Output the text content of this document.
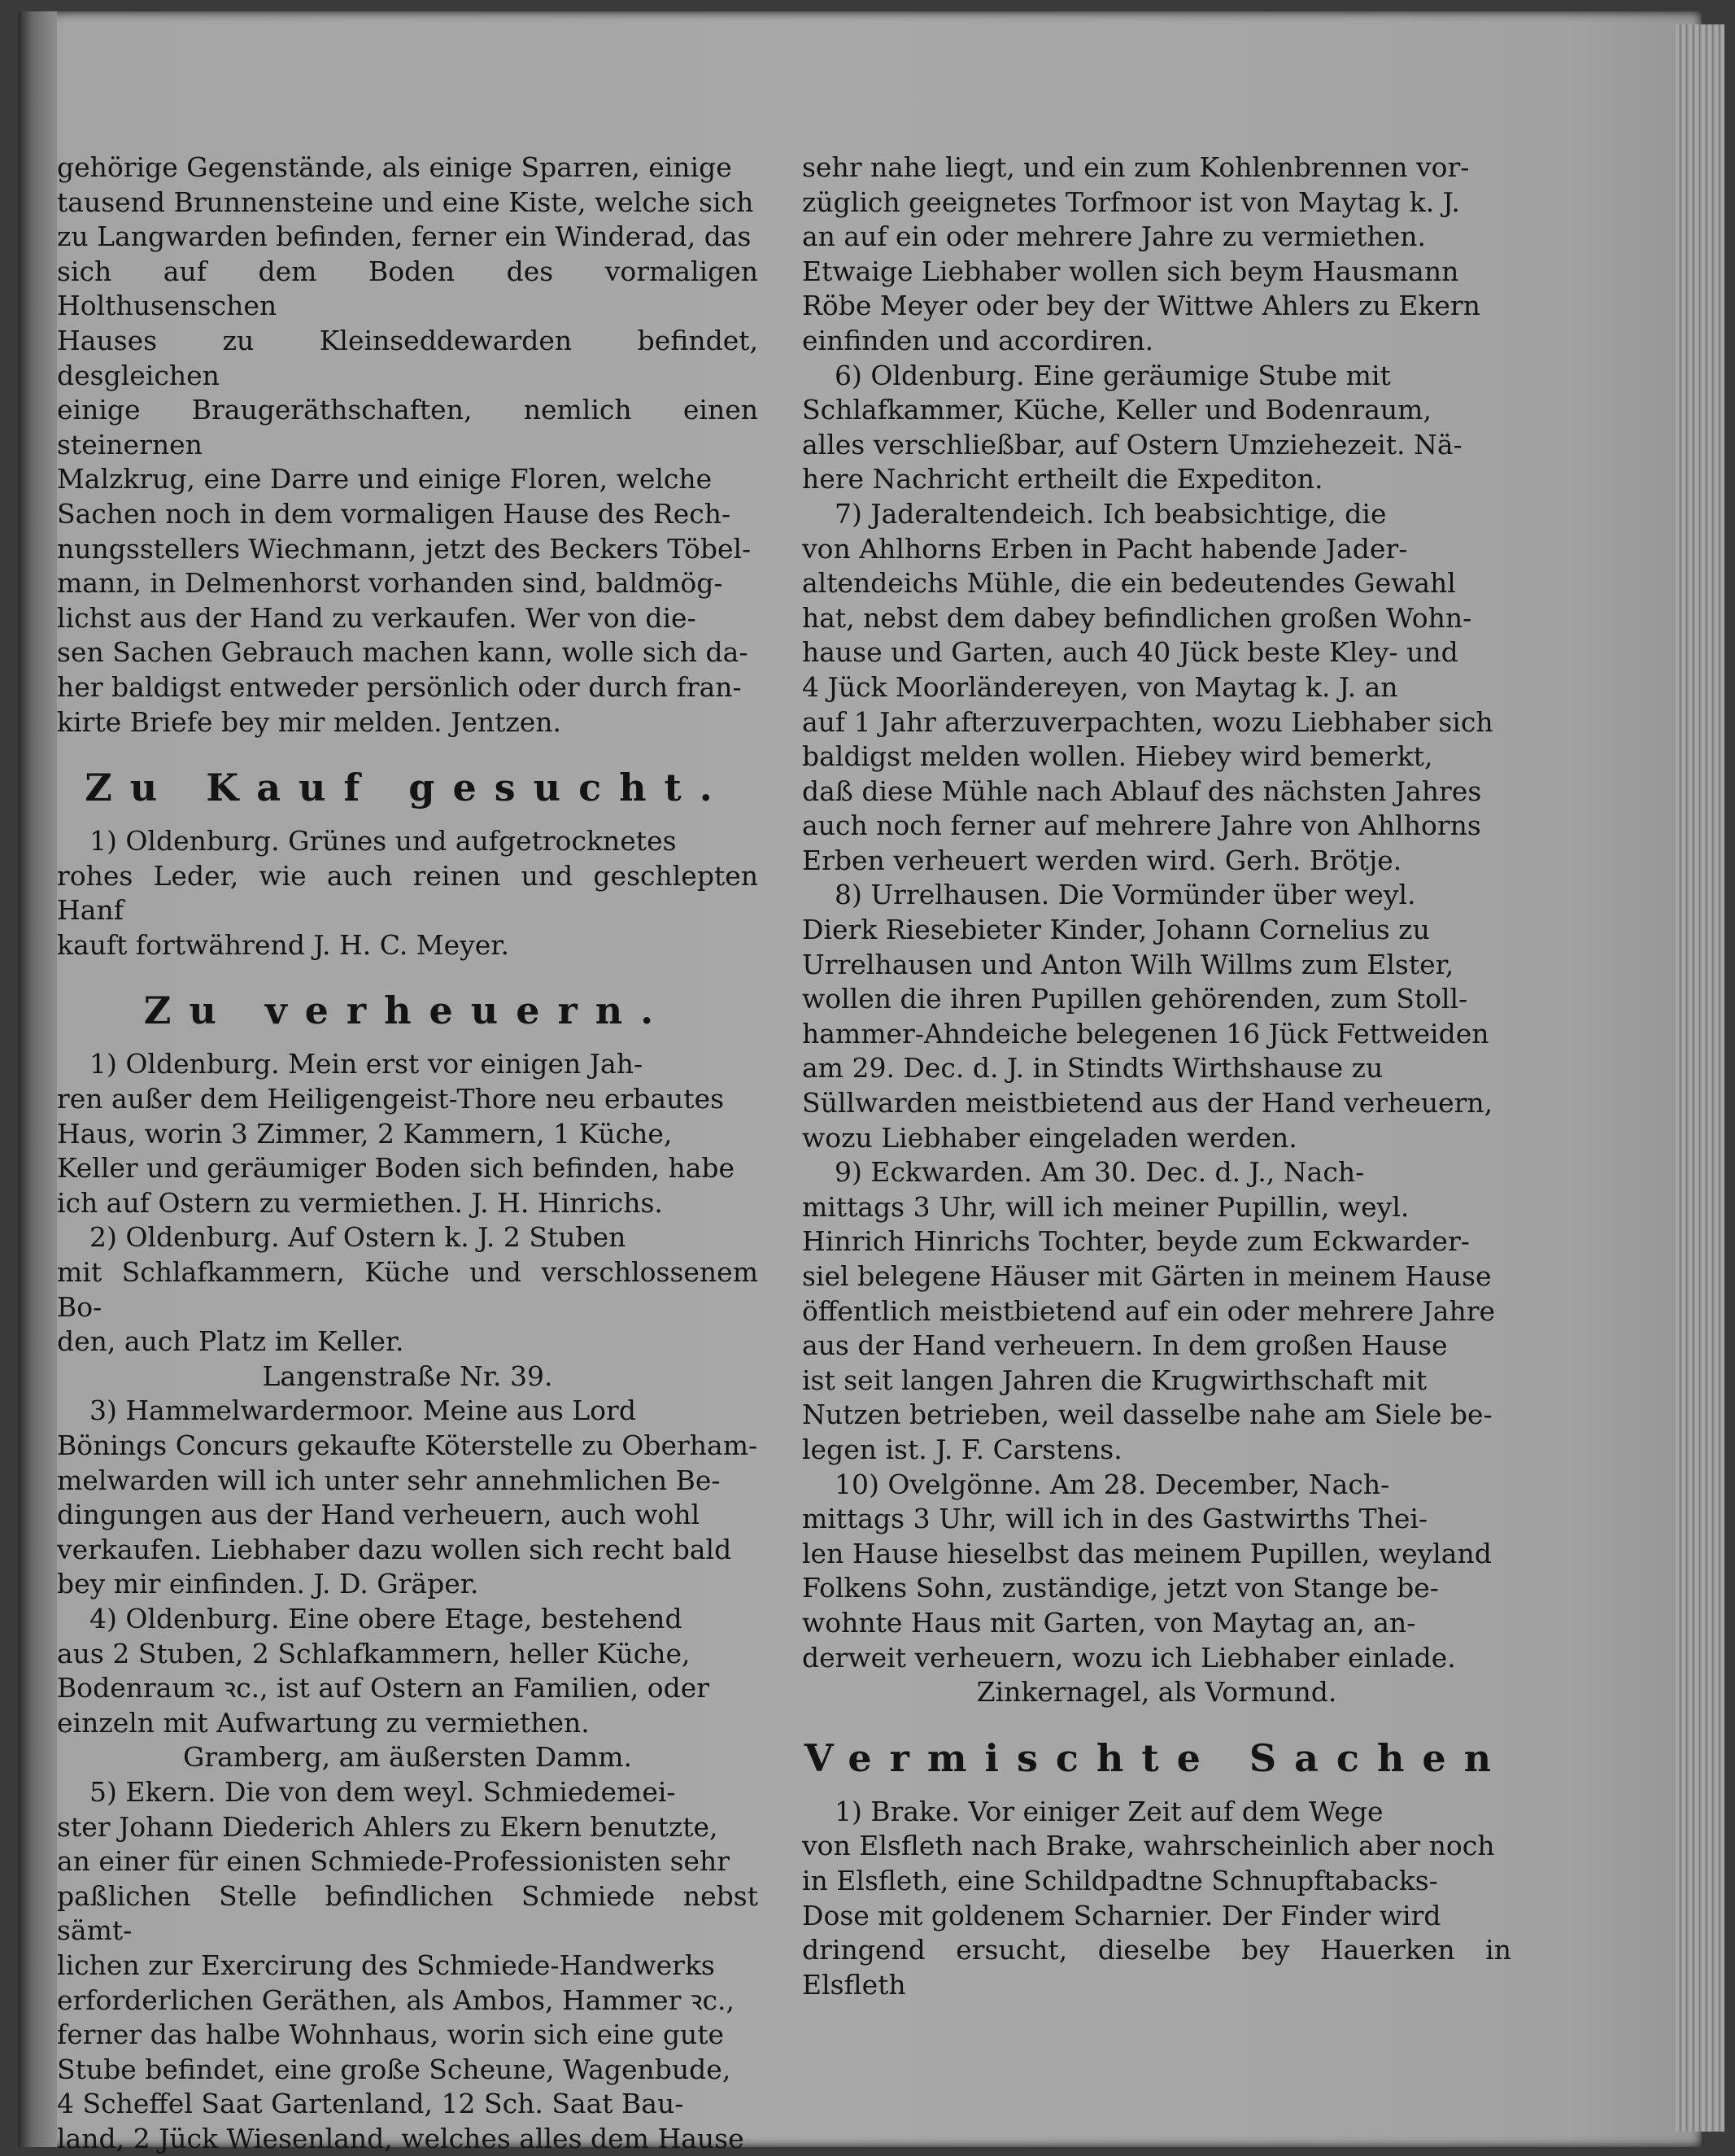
gehörige Gegenstände, als einige Sparren, einige

tausend Brunnensteine und eine Kiste, welche sich

zu Langwarden befinden, ferner ein Winderad, das

sich auf dem Boden des vormaligen Holthusenschen

Hauses zu Kleinseddewarden befindet, desgleichen

einige Braugeräthschaften, nemlich einen steinernen

Malzkrug, eine Darre und einige Floren, welche

Sachen noch in dem vormaligen Hause des Rech-

nungsstellers Wiechmann, jetzt des Beckers Töbel-

mann, in Delmenhorst vorhanden sind, baldmög-

lichst aus der Hand zu verkaufen. Wer von die-

sen Sachen Gebrauch machen kann, wolle sich da-

her baldigst entweder persönlich oder durch fran-

kirte Briefe bey mir melden. Jentzen.

Zu Kauf gesucht.

1) Oldenburg. Grünes und aufgetrocknetes

rohes Leder, wie auch reinen und geschlepten Hanf

kauft fortwährend J. H. C. Meyer.

Zu verheuern.

1) Oldenburg. Mein erst vor einigen Jah-

ren außer dem Heiligengeist-Thore neu erbautes

Haus, worin 3 Zimmer, 2 Kammern, 1 Küche,

Keller und geräumiger Boden sich befinden, habe

ich auf Ostern zu vermiethen. J. H. Hinrichs.

2) Oldenburg. Auf Ostern k. J. 2 Stuben

mit Schlafkammern, Küche und verschlossenem Bo-

den, auch Platz im Keller.

Langenstraße Nr. 39.

3) Hammelwardermoor. Meine aus Lord

Bönings Concurs gekaufte Köterstelle zu Oberham-

melwarden will ich unter sehr annehmlichen Be-

dingungen aus der Hand verheuern, auch wohl

verkaufen. Liebhaber dazu wollen sich recht bald

bey mir einfinden. J. D. Gräper.

4) Oldenburg. Eine obere Etage, bestehend

aus 2 Stuben, 2 Schlafkammern, heller Küche,

Bodenraum ꝛc., ist auf Ostern an Familien, oder

einzeln mit Aufwartung zu vermiethen.

Gramberg, am äußersten Damm.

5) Ekern. Die von dem weyl. Schmiedemei-

ster Johann Diederich Ahlers zu Ekern benutzte,

an einer für einen Schmiede-Professionisten sehr

paßlichen Stelle befindlichen Schmiede nebst sämt-

lichen zur Exercirung des Schmiede-Handwerks

erforderlichen Geräthen, als Ambos, Hammer ꝛc.,

ferner das halbe Wohnhaus, worin sich eine gute

Stube befindet, eine große Scheune, Wagenbude,

4 Scheffel Saat Gartenland, 12 Sch. Saat Bau-

land, 2 Jück Wiesenland, welches alles dem Hause

sehr nahe liegt, und ein zum Kohlenbrennen vor-

züglich geeignetes Torfmoor ist von Maytag k. J.

an auf ein oder mehrere Jahre zu vermiethen.

Etwaige Liebhaber wollen sich beym Hausmann

Röbe Meyer oder bey der Wittwe Ahlers zu Ekern

einfinden und accordiren.

6) Oldenburg. Eine geräumige Stube mit

Schlafkammer, Küche, Keller und Bodenraum,

alles verschließbar, auf Ostern Umziehezeit. Nä-

here Nachricht ertheilt die Expediton.

7) Jaderaltendeich. Ich beabsichtige, die

von Ahlhorns Erben in Pacht habende Jader-

altendeichs Mühle, die ein bedeutendes Gewahl

hat, nebst dem dabey befindlichen großen Wohn-

hause und Garten, auch 40 Jück beste Kley- und

4 Jück Moorländereyen, von Maytag k. J. an

auf 1 Jahr afterzuverpachten, wozu Liebhaber sich

baldigst melden wollen. Hiebey wird bemerkt,

daß diese Mühle nach Ablauf des nächsten Jahres

auch noch ferner auf mehrere Jahre von Ahlhorns

Erben verheuert werden wird. Gerh. Brötje.

8) Urrelhausen. Die Vormünder über weyl.

Dierk Riesebieter Kinder, Johann Cornelius zu

Urrelhausen und Anton Wilh Willms zum Elster,

wollen die ihren Pupillen gehörenden, zum Stoll-

hammer-Ahndeiche belegenen 16 Jück Fettweiden

am 29. Dec. d. J. in Stindts Wirthshause zu

Süllwarden meistbietend aus der Hand verheuern,

wozu Liebhaber eingeladen werden.

9) Eckwarden. Am 30. Dec. d. J., Nach-

mittags 3 Uhr, will ich meiner Pupillin, weyl.

Hinrich Hinrichs Tochter, beyde zum Eckwarder-

siel belegene Häuser mit Gärten in meinem Hause

öffentlich meistbietend auf ein oder mehrere Jahre

aus der Hand verheuern. In dem großen Hause

ist seit langen Jahren die Krugwirthschaft mit

Nutzen betrieben, weil dasselbe nahe am Siele be-

legen ist. J. F. Carstens.

10) Ovelgönne. Am 28. December, Nach-

mittags 3 Uhr, will ich in des Gastwirths Thei-

len Hause hieselbst das meinem Pupillen, weyland

Folkens Sohn, zuständige, jetzt von Stange be-

wohnte Haus mit Garten, von Maytag an, an-

derweit verheuern, wozu ich Liebhaber einlade.

Zinkernagel, als Vormund.

Vermischte Sachen

1) Brake. Vor einiger Zeit auf dem Wege

von Elsfleth nach Brake, wahrscheinlich aber noch

in Elsfleth, eine Schildpadtne Schnupftabacks-

Dose mit goldenem Scharnier. Der Finder wird

dringend ersucht, dieselbe bey Hauerken in Elsfleth
